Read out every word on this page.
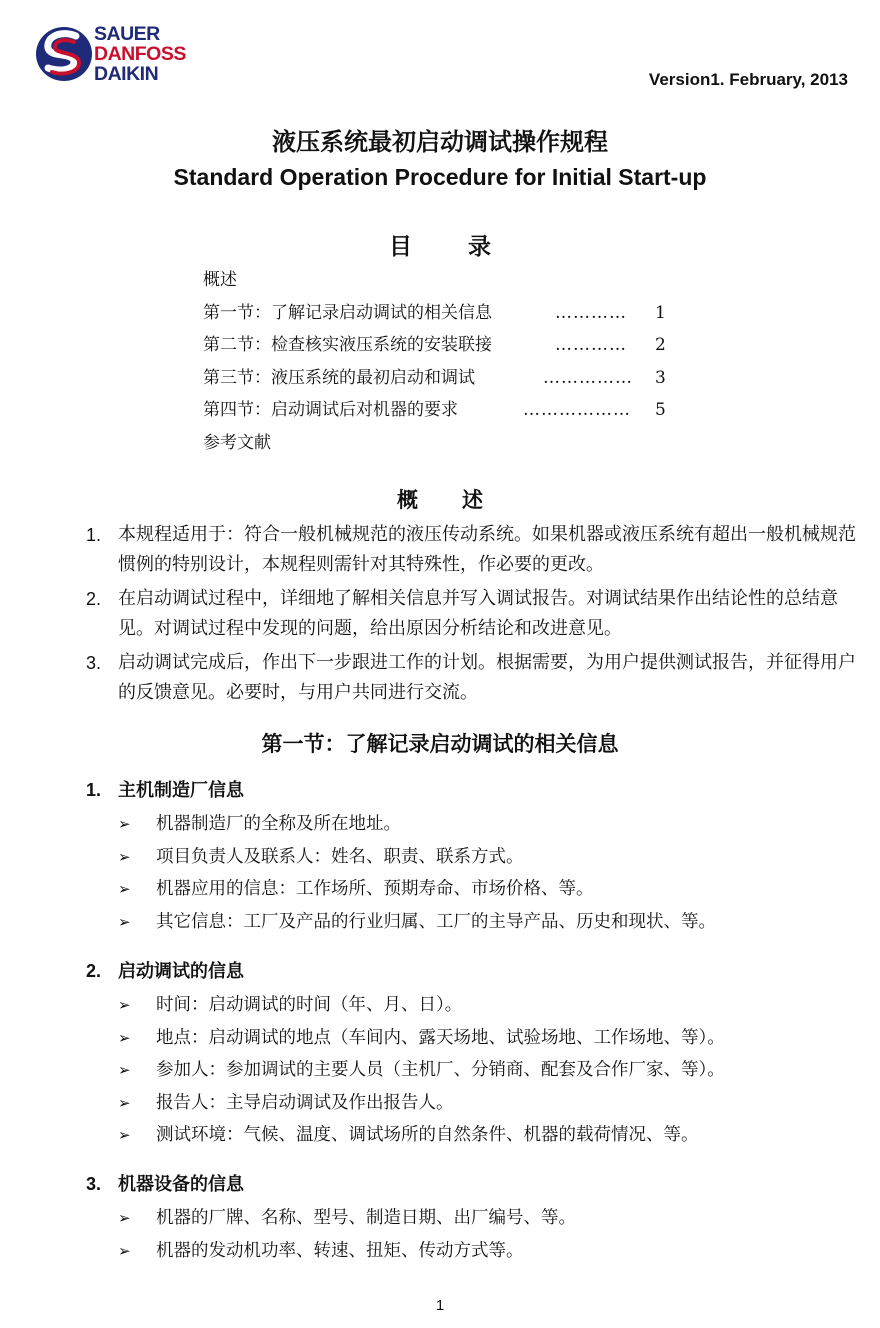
SAUER
DANFOSS
DAIKIN	Version1. February, 2013
液压系统最初启动调试操作规程
Standard Operation Procedure for Initial Start-up
目 录
概述
第一节：了解记录启动调试的相关信息	………… 1
第二节：检查核实液压系统的安装联接	………… 2
第三节：液压系统的最初启动和调试	…………… 3
第四节：启动调试后对机器的要求	……………… 5
参考文献
概 述
1. 本规程适用于：符合一般机械规范的液压传动系统。如果机器或液压系统有超出一般机械规范惯例的特别设计，本规程则需针对其特殊性，作必要的更改。
2. 在启动调试过程中，详细地了解相关信息并写入调试报告。对调试结果作出结论性的总结意见。对调试过程中发现的问题，给出原因分析结论和改进意见。
3. 启动调试完成后，作出下一步跟进工作的计划。根据需要，为用户提供测试报告，并征得用户的反馈意见。必要时，与用户共同进行交流。
第一节：了解记录启动调试的相关信息
1. 主机制造厂信息
➢ 机器制造厂的全称及所在地址。
➢ 项目负责人及联系人：姓名、职责、联系方式。
➢ 机器应用的信息：工作场所、预期寿命、市场价格、等。
➢ 其它信息：工厂及产品的行业归属、工厂的主导产品、历史和现状、等。
2. 启动调试的信息
➢ 时间：启动调试的时间（年、月、日）。
➢ 地点：启动调试的地点（车间内、露天场地、试验场地、工作场地、等）。
➢ 参加人：参加调试的主要人员（主机厂、分销商、配套及合作厂家、等）。
➢ 报告人：主导启动调试及作出报告人。
➢ 测试环境：气候、温度、调试场所的自然条件、机器的载荷情况、等。
3. 机器设备的信息
➢ 机器的厂牌、名称、型号、制造日期、出厂编号、等。
➢ 机器的发动机功率、转速、扭矩、传动方式等。
1
